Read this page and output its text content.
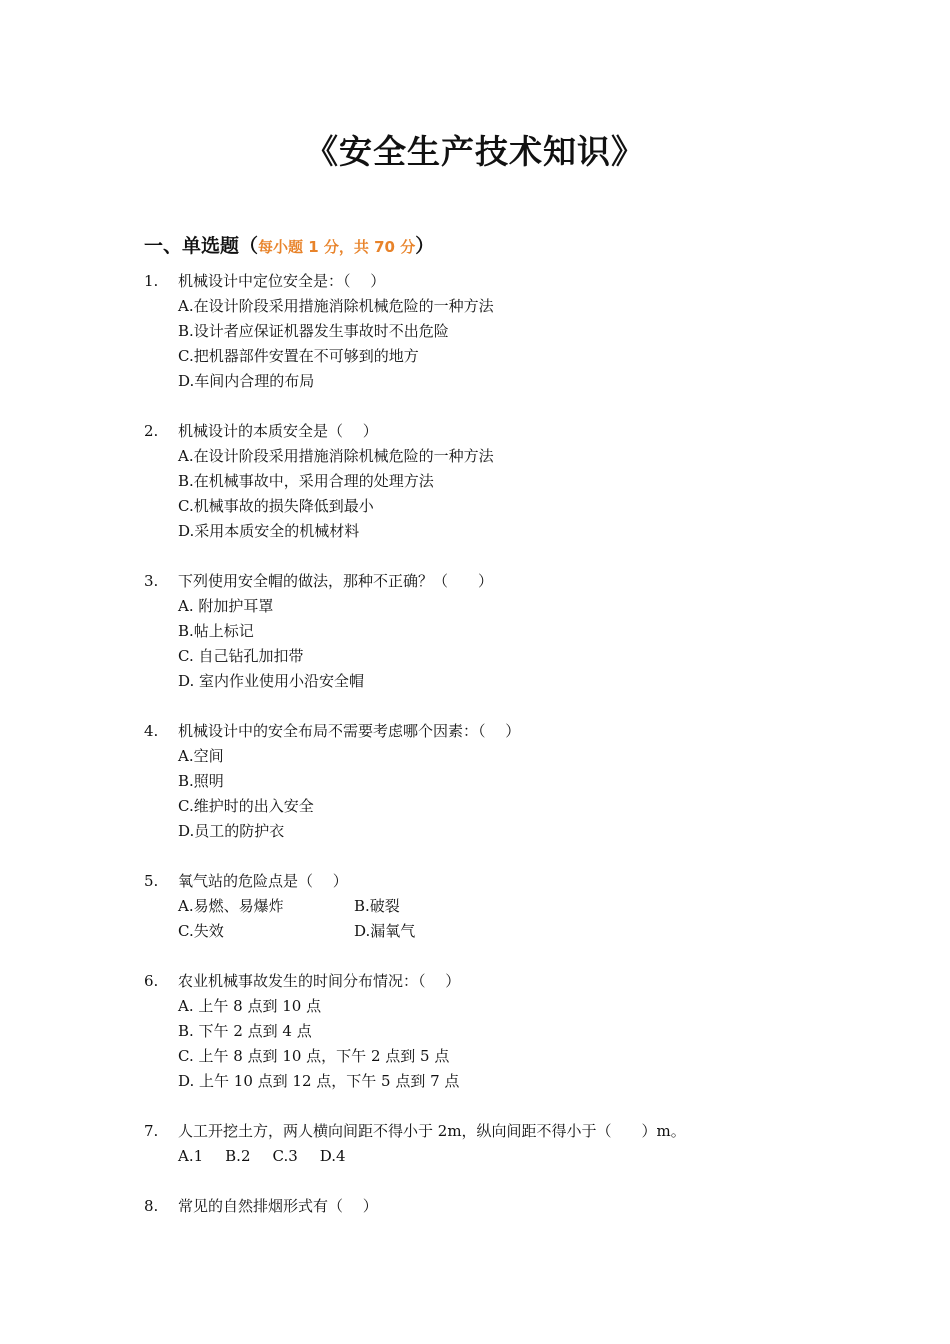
《安全生产技术知识》
一、单选题（每小题 1 分，共 70 分）
1. 机械设计中定位安全是：（　 ）
A.在设计阶段采用措施消除机械危险的一种方法
B.设计者应保证机器发生事故时不出危险
C.把机器部件安置在不可够到的地方
D.车间内合理的布局
2. 机械设计的本质安全是（　 ）
A.在设计阶段采用措施消除机械危险的一种方法
B.在机械事故中，采用合理的处理方法
C.机械事故的损失降低到最小
D.采用本质安全的机械材料
3. 下列使用安全帽的做法，那种不正确？（　　）
A. 附加护耳罩
B.帖上标记
C. 自己钻孔加扣带
D. 室内作业使用小沿安全帽
4. 机械设计中的安全布局不需要考虑哪个因素：（　 ）
A.空间
B.照明
C.维护时的出入安全
D.员工的防护衣
5. 氧气站的危险点是（　 ）
A.易燃、易爆炸	B.破裂
C.失效	D.漏氧气
6. 农业机械事故发生的时间分布情况：（　 ）
A. 上午 8 点到 10 点
B. 下午 2 点到 4 点
C. 上午 8 点到 10 点，下午 2 点到 5 点
D. 上午 10 点到 12 点，下午 5 点到 7 点
7. 人工开挖土方，两人横向间距不得小于 2m，纵向间距不得小于（　　）m。
A.1 B.2 C.3 D.4
8. 常见的自然排烟形式有（　 ）
